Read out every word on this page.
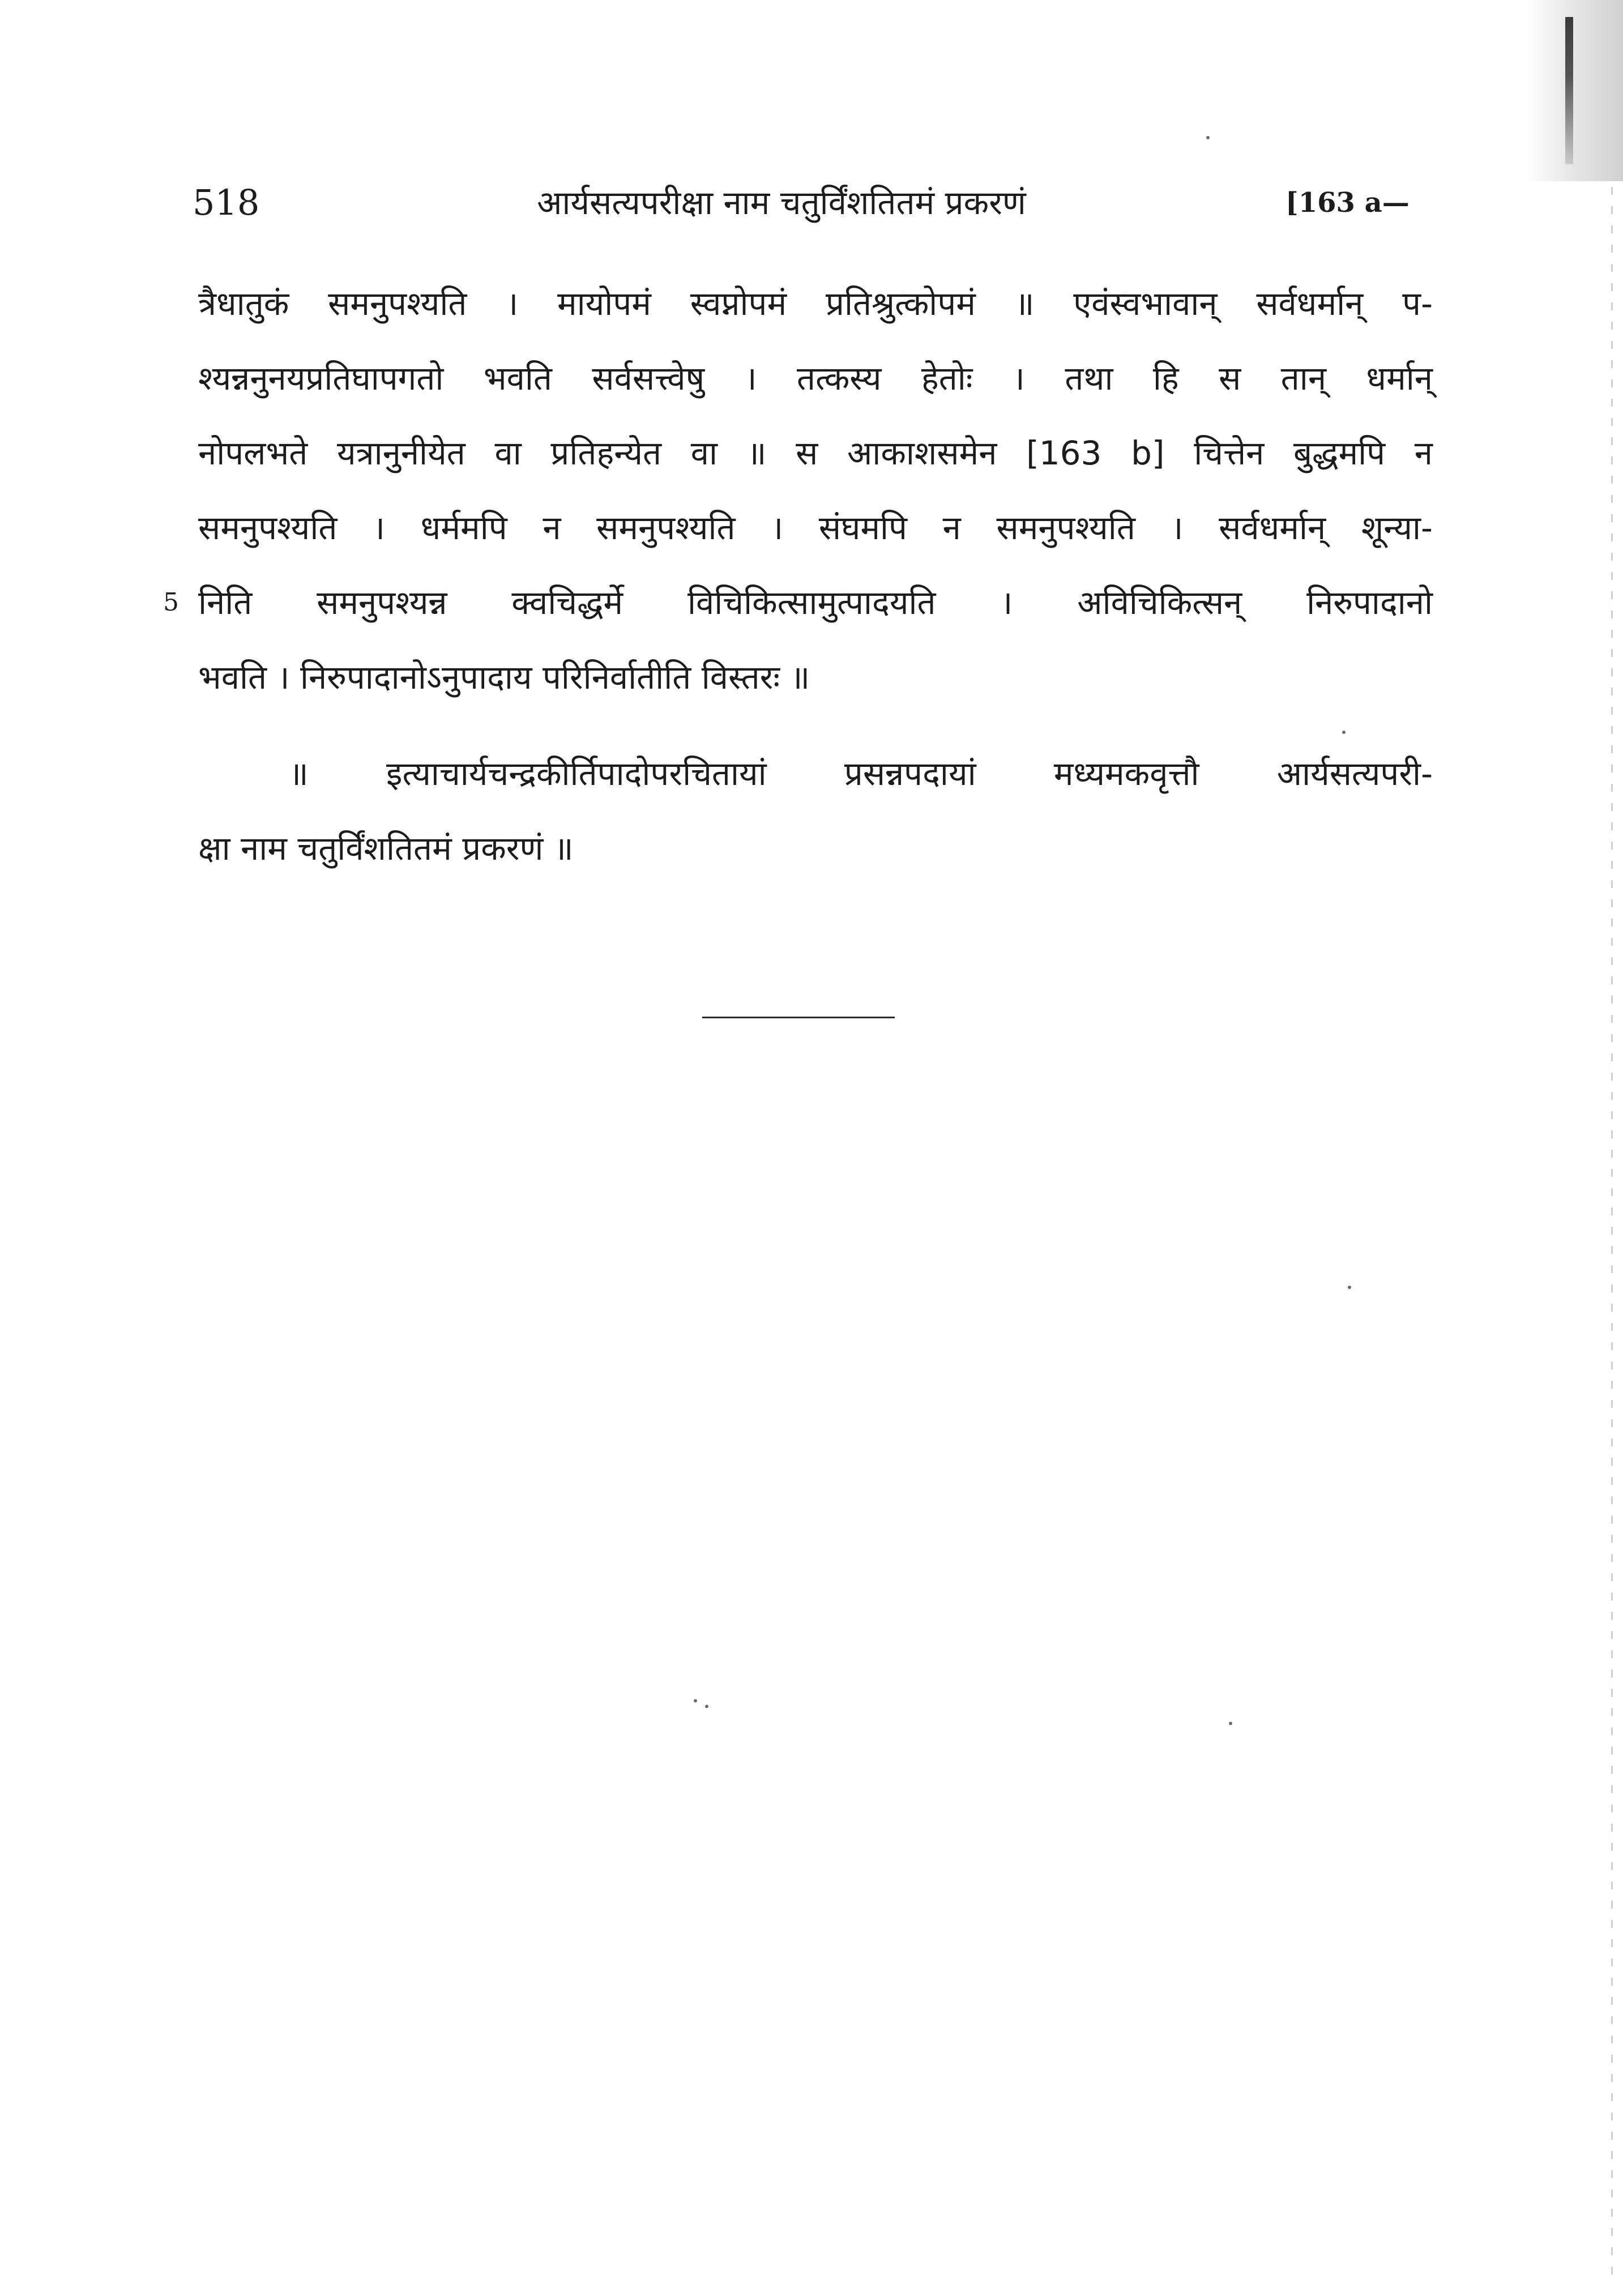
518	आर्यसत्यपरीक्षा नाम चतुर्विंशतितमं प्रकरणं	[163 a—
त्रैधातुकं समनुपश्यति । मायोपमं स्वप्नोपमं प्रतिश्रुत्कोपमं ॥ एवंस्वभावान् सर्वधर्मान् प-
श्यन्ननुनयप्रतिघापगतो भवति सर्वसत्त्वेषु । तत्कस्य हेतोः । तथा हि स तान् धर्मान्
नोपलभते यत्रानुनीयेत वा प्रतिहन्येत वा ॥ स आकाशसमेन [163 b] चित्तेन बुद्धमपि न
समनुपश्यति । धर्ममपि न समनुपश्यति । संघमपि न समनुपश्यति । सर्वधर्मान् शून्या-
5 निति समनुपश्यन्न क्वचिद्धर्मे विचिकित्सामुत्पादयति । अविचिकित्सन् निरुपादानो
भवति । निरुपादानोऽनुपादाय परिनिर्वातीति विस्तरः ॥
॥ इत्याचार्यचन्द्रकीर्तिपादोपरचितायां प्रसन्नपदायां मध्यमकवृत्तौ आर्यसत्यपरी-
क्षा नाम चतुर्विंशतितमं प्रकरणं ॥
